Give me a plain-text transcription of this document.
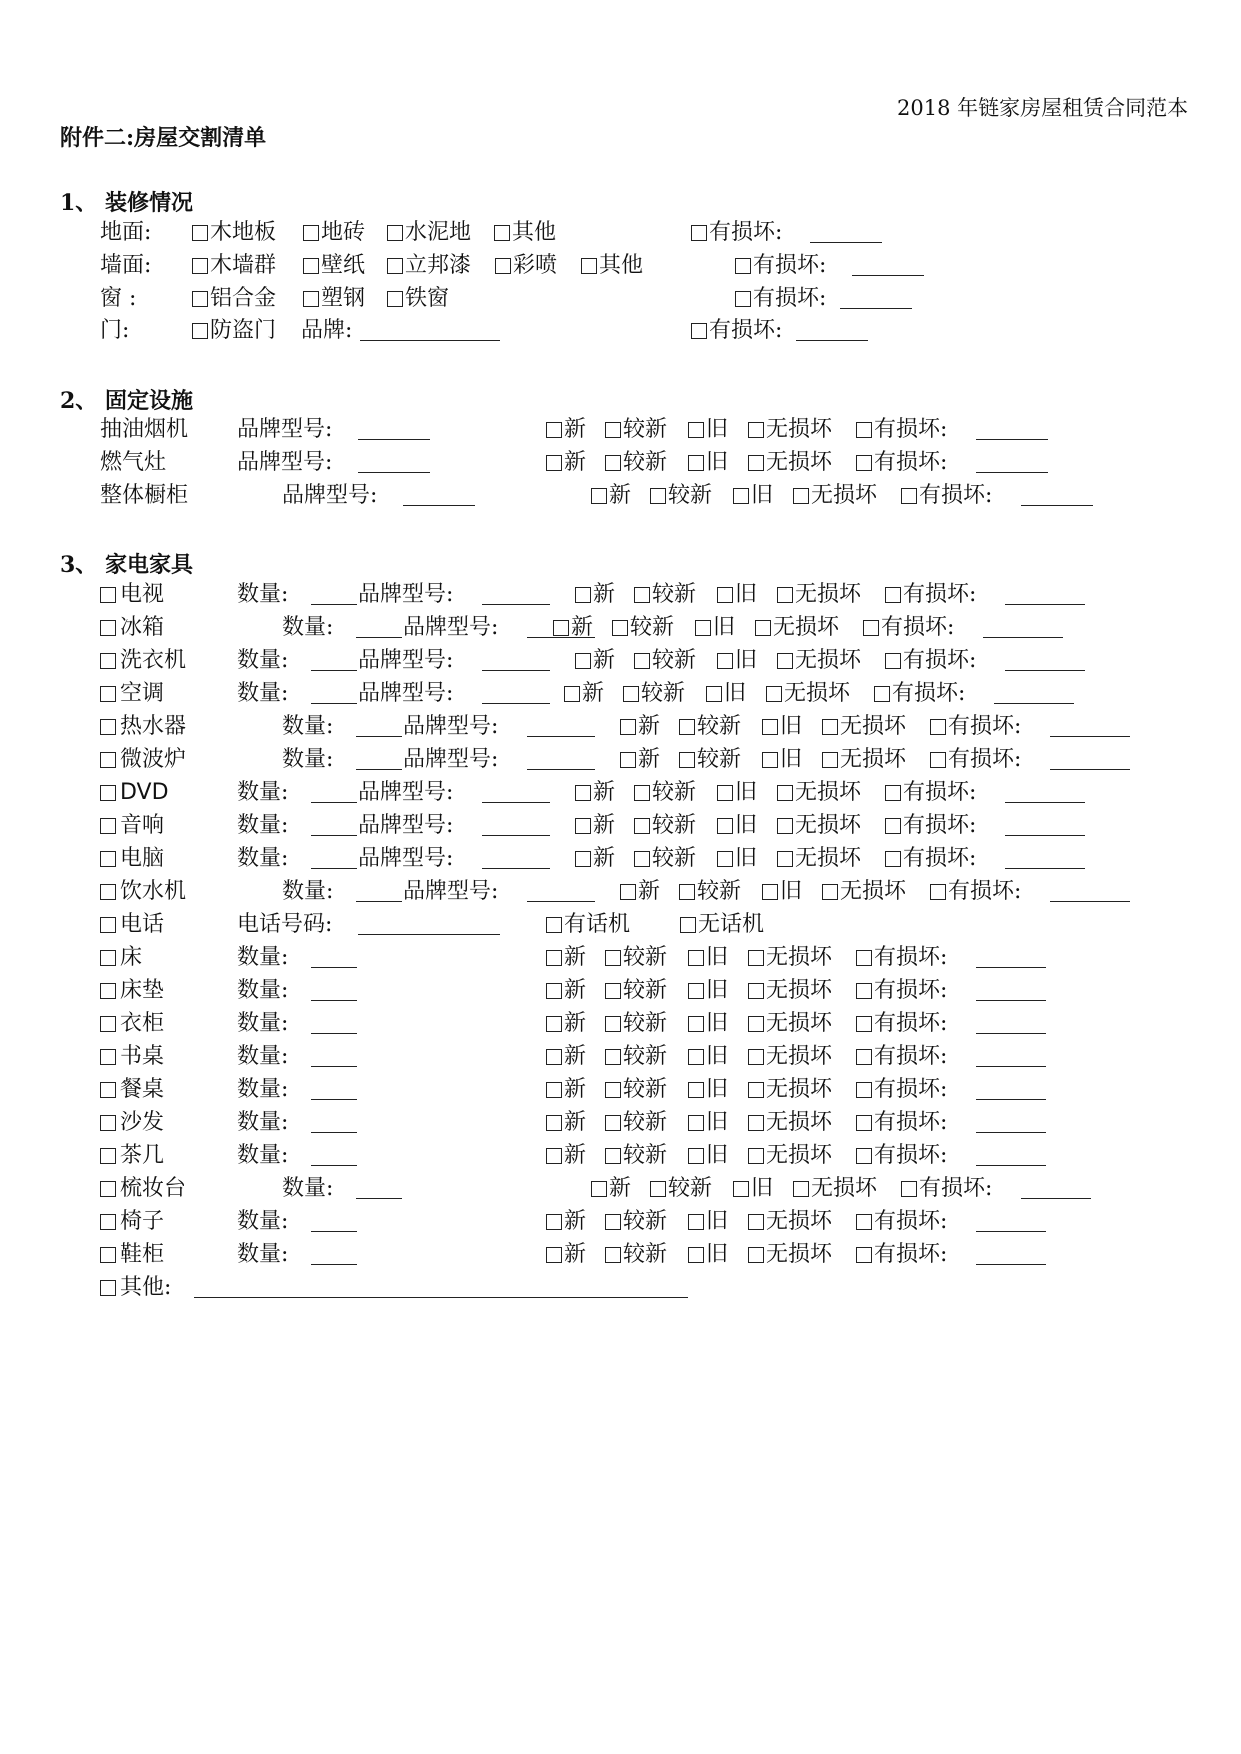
2018 年链家房屋租赁合同范本
附件二:房屋交割清单
1、 装修情况
2、 固定设施
3、 家电家具
地面:	木地板 地砖 水泥地 其他	有损坏:
墙面:	木墙群 壁纸 立邦漆 彩喷 其他	有损坏:
窗 :	铝合金 塑钢 铁窗	有损坏:
门:	防盗门 品牌:	有损坏:
抽油烟机 品牌型号:	新 较新 旧 无损坏 有损坏:
燃气灶	品牌型号:	新 较新 旧 无损坏 有损坏:
整体橱柜	品牌型号:	新 较新 旧 无损坏 有损坏:
电视	数量:	品牌型号:	新 较新 旧 无损坏 有损坏:
冰箱	数量:	品牌型号:	新 较新 旧 无损坏 有损坏:
洗衣机 数量:	品牌型号:	新 较新 旧 无损坏 有损坏:
空调	数量:	品牌型号:	新 较新 旧 无损坏 有损坏:
热水器	数量:	品牌型号:	新 较新 旧 无损坏 有损坏:
微波炉	数量:	品牌型号:	新 较新 旧 无损坏 有损坏:
DVD	数量:	品牌型号:	新 较新 旧 无损坏 有损坏:
音响	数量:	品牌型号:	新 较新 旧 无损坏 有损坏:
电脑	数量:	品牌型号:	新 较新 旧 无损坏 有损坏:
饮水机	数量:	品牌型号:	新 较新 旧 无损坏 有损坏:
电话	电话号码:	有话机	无话机
床	数量:	新 较新 旧 无损坏 有损坏:
床垫	数量:	新 较新 旧 无损坏 有损坏:
衣柜	数量:	新 较新 旧 无损坏 有损坏:
书桌	数量:	新 较新 旧 无损坏 有损坏:
餐桌	数量:	新 较新 旧 无损坏 有损坏:
沙发	数量:	新 较新 旧 无损坏 有损坏:
茶几	数量:	新 较新 旧 无损坏 有损坏:
梳妆台	数量:	新 较新 旧 无损坏 有损坏:
椅子	数量:	新 较新 旧 无损坏 有损坏:
鞋柜	数量:	新 较新 旧 无损坏 有损坏:
其他:
